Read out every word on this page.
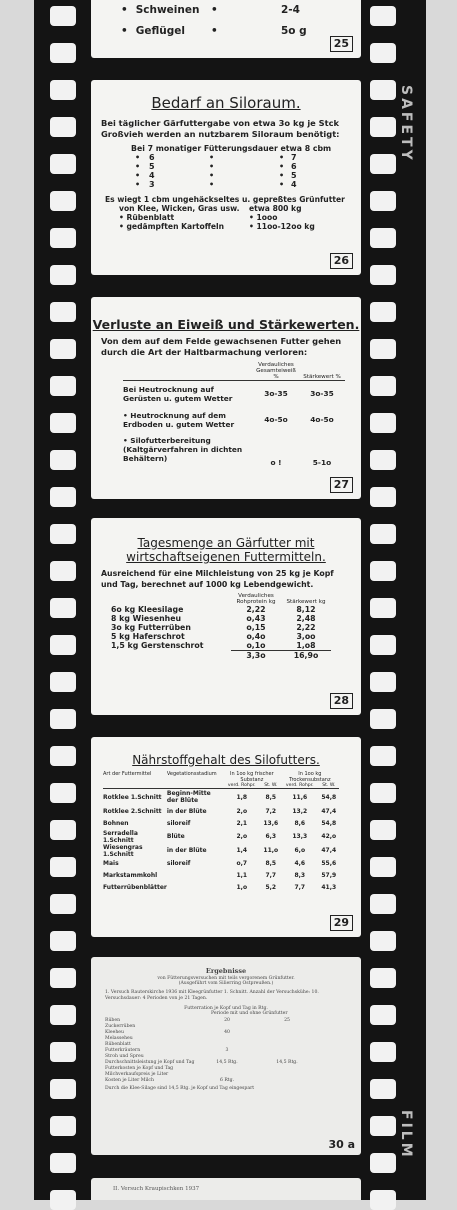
SAFETY
FILM
• Schweinen	•	2-4
• Geflügel	•	5o g
25

Bedarf an Siloraum.

Bei täglicher Gärfuttergabe von etwa 3o kg je Stck Großvieh werden an nutzbarem Siloraum benötigt:
Bei 7 monatiger Fütterungsdauer etwa 8 cbm
•	6	•	•	7
•	5	•	•	6
•	4	•	•	5
•	3	•	•	4
Es wiegt 1 cbm ungehäckseltes u. gepreßtes Grünfutter
von Klee, Wicken, Gras usw.	etwa 800 kg
• Rübenblatt	• 1ooo
• gedämpften Kartoffeln	• 11oo-12oo kg
26

Verluste an Eiweiß und Stärkewerten.

Von dem auf dem Felde gewachsenen Futter gehen durch die Art der Haltbarmachung verloren:
	Verdauliches Gesamteiweiß %	Stärkewert %
Bei Heutrocknung auf Gerüsten u. gutem Wetter	3o-35	3o-35
• Heutrocknung auf dem Erdboden u. gutem Wetter	4o-5o	4o-5o
• Silofutterbereitung (Kaltgärverfahren in dichten Behältern)	o !	5-1o
27

Tagesmenge an Gärfutter mit wirtschaftseigenen Futtermitteln.

Ausreichend für eine Milchleistung von 25 kg je Kopf und Tag, berechnet auf 1000 kg Lebendgewicht.
	Verdauliches Rohprotein kg	Stärkewert kg
6o kg Kleesilage	2,22	8,12
8 kg Wiesenheu	o,43	2,48
3o kg Futterrüben	o,15	2,22
5 kg Haferschrot	o,4o	3,oo
1,5 kg Gerstenschrot	o,1o	1,o8
	3,3o	16,9o
28

Nährstoffgehalt des Silofutters.

Art der Futtermittel	Vegetationsstadium	In 1oo kg frischer Substanz		In 1oo kg Trockensubstanz	
		verd. Rohpr.	St. W.	verd. Rohpr.	St. W.
Rotklee 1.Schnitt	Beginn-Mitte der Blüte	1,8	8,5	11,6	54,8
Rotklee 2.Schnitt	in der Blüte	2,o	7,2	13,2	47,4
Bohnen	siloreif	2,1	13,6	8,6	54,8
Serradella 1.Schnitt	Blüte	2,o	6,3	13,3	42,o
Wiesengras 1.Schnitt	in der Blüte	1,4	11,o	6,o	47,4
Mais	siloreif	o,7	8,5	4,6	55,6
Markstammkohl		1,1	7,7	8,3	57,9
Futterrübenblätter		1,o	5,2	7,7	41,3
29
Ergebnisse
von Fütterungsversuchen mit teils vergorenem Grünfutter.
(Ausgeführt vom Silierring Ostpreußen.)
1. Versuch Rauterskirche 1936 mit Kleegrünfutter 1. Schnitt. Anzahl der Versuchskühe: 10. Versuchsdauer: 4 Perioden von je 21 Tagen.
Futterration je Kopf und Tag in Rtg.
Periode mit und ohne Grünfutter
Rüben	20	25
Zuckerrüben		
Kleeheu	40	
Melasseheu		
Rübenblatt		
Futterkräutern	3	
Stroh und Spreu		
Durchschnittsleistung je Kopf und Tag	14,5 Rtg.	14,5 Rtg.
Futterkosten je Kopf und Tag		
Milchverkaufspreis je Liter		
Kosten je Liter Milch	6 Rtg.	
Durch die Klee-Silage sind 14,5 Rtg. je Kopf und Tag eingespart
30 a
II. Versuch Kraupischken 1937
